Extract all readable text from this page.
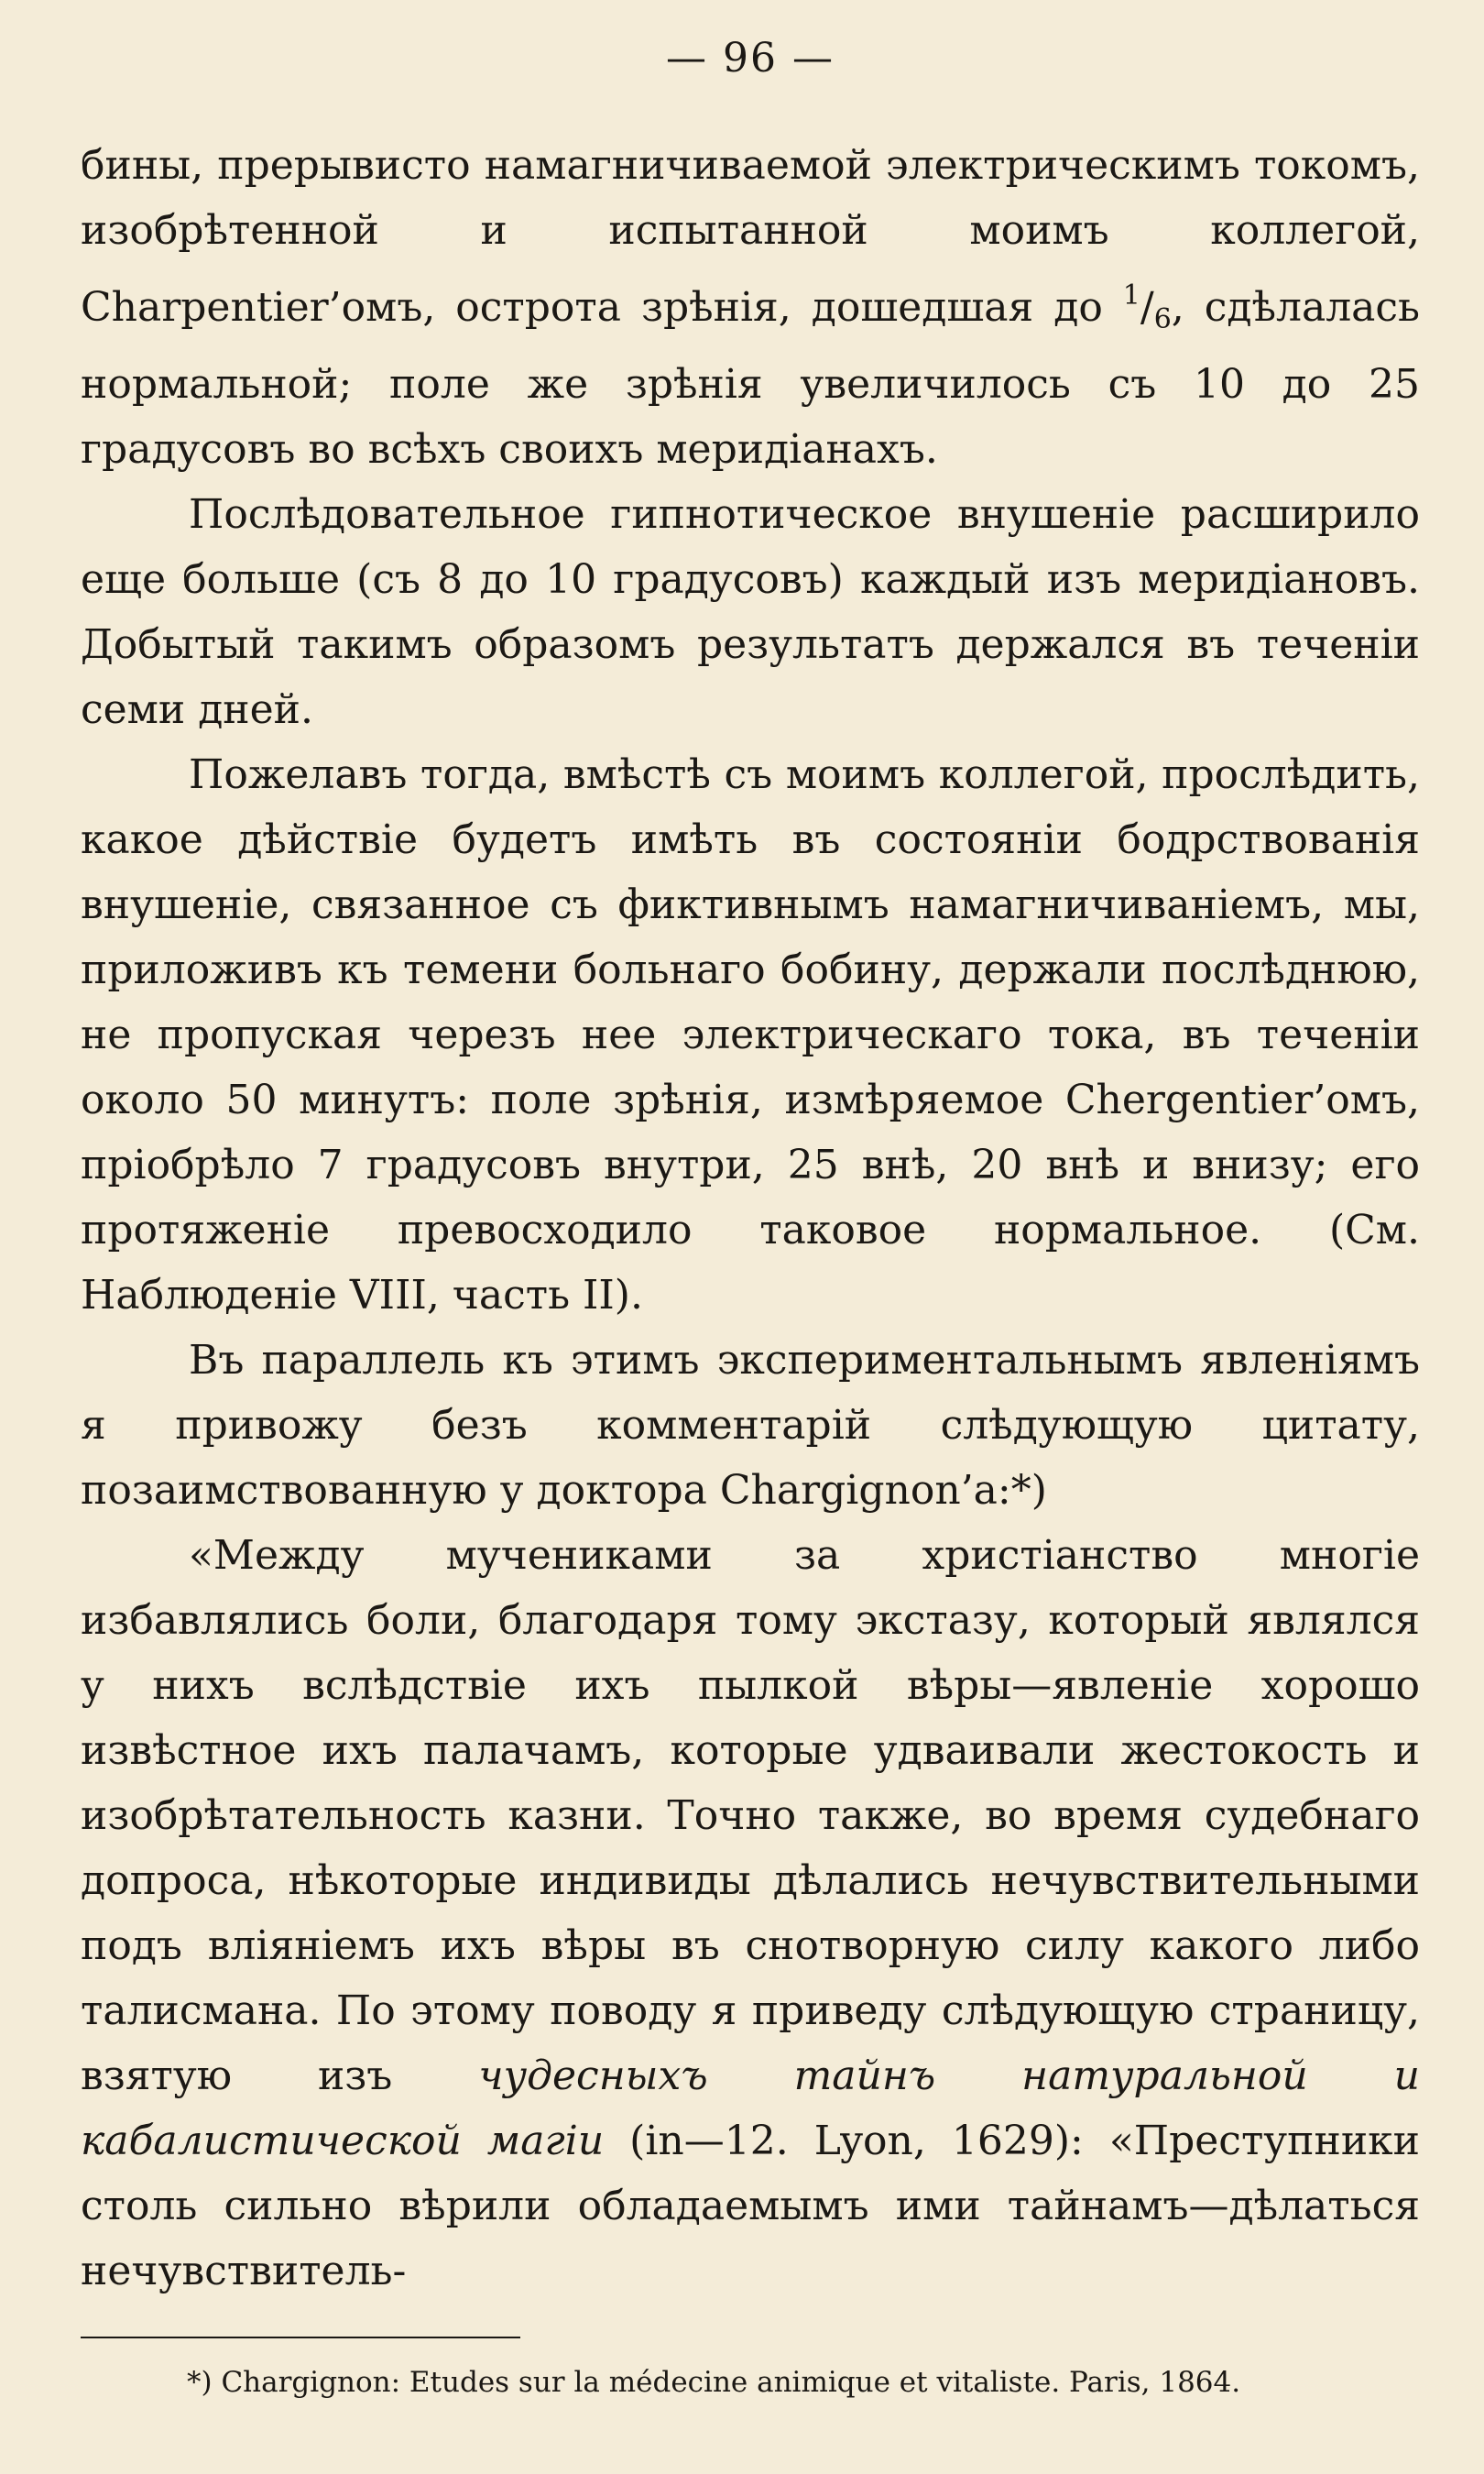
— 96 —

бины, прерывисто намагничиваемой электрическимъ токомъ, изобрѣтенной и испытанной моимъ коллегой, Charpentier’омъ, острота зрѣнія, дошедшая до $^1/_6$, сдѣлалась нормальной; поле же зрѣнія увеличилось съ 10 до 25 градусовъ во всѣхъ своихъ меридіанахъ.

Послѣдовательное гипнотическое внушеніе расширило еще больше (съ 8 до 10 градусовъ) каждый изъ меридіановъ. Добытый такимъ образомъ результатъ держался въ теченіи семи дней.

Пожелавъ тогда, вмѣстѣ съ моимъ коллегой, прослѣдить, какое дѣйствіе будетъ имѣть въ состояніи бодрствованія внушеніе, связанное съ фиктивнымъ намагничиваніемъ, мы, приложивъ къ темени больнаго бобину, держали послѣднюю, не пропуская черезъ нее электрическаго тока, въ теченіи около 50 минутъ: поле зрѣнія, измѣряемое Chergentier’омъ, пріобрѣло 7 градусовъ внутри, 25 внѣ, 20 внѣ и внизу; его протяженіе превосходило таковое нормальное. (См. Наблюденіе VIII, часть II).

Въ параллель къ этимъ экспериментальнымъ явленіямъ я привожу безъ комментарій слѣдующую цитату, позаимствованную у доктора Chargignon’а:*)

«Между мучениками за христіанство многіе избавлялись боли, благодаря тому экстазу, который являлся у нихъ вслѣдствіе ихъ пылкой вѣры—явленіе хорошо извѣстное ихъ палачамъ, которые удваивали жестокость и изобрѣтательность казни. Точно также, во время судебнаго допроса, нѣкоторые индивиды дѣлались нечувствительными подъ вліяніемъ ихъ вѣры въ снотворную силу какого либо талисмана. По этому поводу я приведу слѣдующую страницу, взятую изъ чудесныхъ тайнъ натуральной и кабалистической магіи (in—12. Lyon, 1629): «Преступники столь сильно вѣрили обладаемымъ ими тайнамъ—дѣлаться нечувствитель-

*) Chargignon: Etudes sur la médecine animique et vitaliste. Paris, 1864.
